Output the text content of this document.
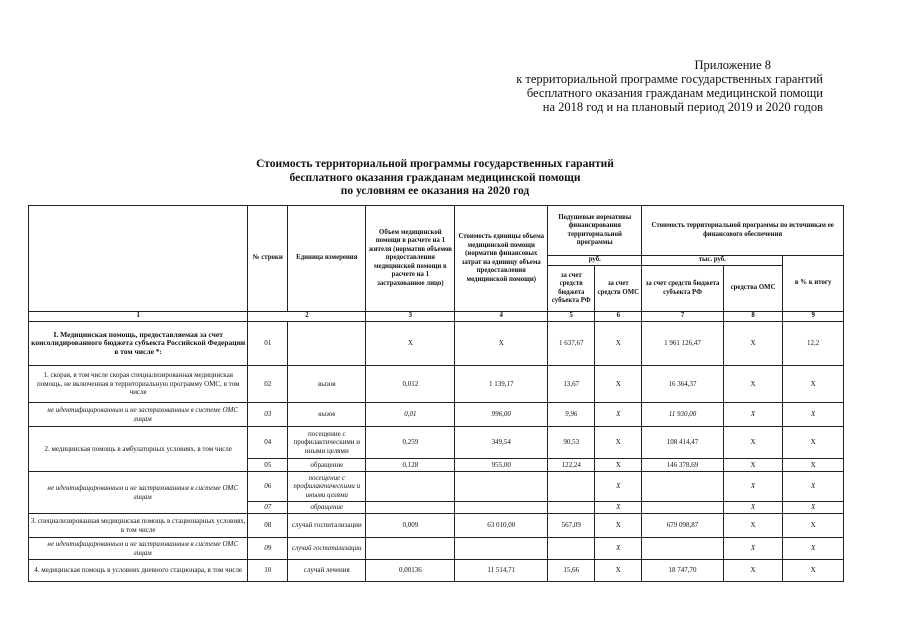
Приложение 8
к территориальной программе государственных гарантий
бесплатного оказания гражданам медицинской помощи
на 2018 год и на плановый период 2019 и 2020 годов
Стоимость территориальной программы государственных гарантий
бесплатного оказания гражданам медицинской помощи
по условиям ее оказания на 2020 год
	№ строки	Единица измерения	Объем медицинской помощи в расчете на 1 жителя (норматив объемов предоставления медицинской помощи в расчете на 1 застрахованное лицо)	Стоимость единицы объема медицинской помощи (норматив финансовых затрат на единицу объема предоставления медицинской помощи)	Подушевые нормативы финансирования территориальной программы		Стоимость территориальной программы по источникам ее финансового обеспечения		
					руб.		тыс. руб.		в % к итогу
					за счет средств бюджета субъекта РФ	за счет средств ОМС	за счет средств бюджета субъекта РФ	средства ОМС	
1	2		3	4	5	6	7	8	9
I. Медицинская помощь, предоставляемая за счет консолидированного бюджета субъекта Российской Федерации в том числе *:	01		Х	Х	1 637,67	Х	1 961 126,47	Х	12,2
1. скорая, в том числе скорая специализированная медицинская помощь, не включенная в территориальную программу ОМС, в том числе	02	вызов	0,012	1 139,17	13,67	Х	16 364,37	Х	Х
не идентифицированным и не застрахованным в системе ОМС лицам	03	вызов	0,01	996,00	9,96	Х	11 930,00	Х	Х
2. медицинская помощь в амбулаторных условиях, в том числе	04	посещение с профилактическими и иными целями	0,259	349,54	90,53	Х	108 414,47	Х	Х
	05	обращение	0,128	955,00	122,24	Х	146 378,69	Х	Х
не идентифицированным и не застрахованным в системе ОМС лицам	06	посещение с профилактическими и иными целями				Х		Х	Х
	07	обращение				Х		Х	Х
3. специализированная медицинская помощь в стационарных условиях, в том числе	08	случай госпитализации	0,009	63 010,00	567,09	Х	679 098,87	Х	Х
не идентифицированным и не застрахованным в системе ОМС лицам	09	случай госпитализации				Х		Х	Х
4. медицинская помощь в условиях дневного стационара, в том числе	10	случай лечения	0,00136	11 514,71	15,66	Х	18 747,70	Х	Х
